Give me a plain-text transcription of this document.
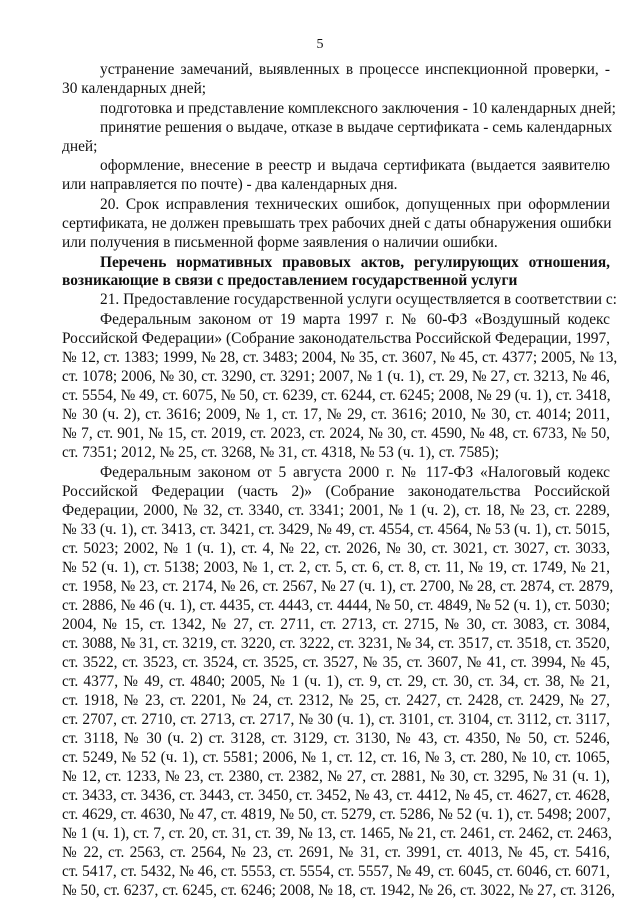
5
устранение замечаний, выявленных в процессе инспекционной проверки, -
30 календарных дней;
подготовка и представление комплексного заключения - 10 календарных дней;
принятие решения о выдаче, отказе в выдаче сертификата - семь календарных
дней;
оформление, внесение в реестр и выдача сертификата (выдается заявителю
или направляется по почте) - два календарных дня.
20. Срок исправления технических ошибок, допущенных при оформлении
сертификата, не должен превышать трех рабочих дней с даты обнаружения ошибки
или получения в письменной форме заявления о наличии ошибки.
Перечень нормативных правовых актов, регулирующих отношения,
возникающие в связи с предоставлением государственной услуги
21. Предоставление государственной услуги осуществляется в соответствии с:
Федеральным законом от 19 марта 1997 г. № 60-ФЗ «Воздушный кодекс
Российской Федерации» (Собрание законодательства Российской Федерации, 1997,
№ 12, ст. 1383; 1999, № 28, ст. 3483; 2004, № 35, ст. 3607, № 45, ст. 4377; 2005, № 13,
ст. 1078; 2006, № 30, ст. 3290, ст. 3291; 2007, № 1 (ч. 1), ст. 29, № 27, ст. 3213, № 46,
ст. 5554, № 49, ст. 6075, № 50, ст. 6239, ст. 6244, ст. 6245; 2008, № 29 (ч. 1), ст. 3418,
№ 30 (ч. 2), ст. 3616; 2009, № 1, ст. 17, № 29, ст. 3616; 2010, № 30, ст. 4014; 2011,
№ 7, ст. 901, № 15, ст. 2019, ст. 2023, ст. 2024, № 30, ст. 4590, № 48, ст. 6733, № 50,
ст. 7351; 2012, № 25, ст. 3268, № 31, ст. 4318, № 53 (ч. 1), ст. 7585);
Федеральным законом от 5 августа 2000 г. № 117-ФЗ «Налоговый кодекс
Российской Федерации (часть 2)» (Собрание законодательства Российской
Федерации, 2000, № 32, ст. 3340, ст. 3341; 2001, № 1 (ч. 2), ст. 18, № 23, ст. 2289,
№ 33 (ч. 1), ст. 3413, ст. 3421, ст. 3429, № 49, ст. 4554, ст. 4564, № 53 (ч. 1), ст. 5015,
ст. 5023; 2002, № 1 (ч. 1), ст. 4, № 22, ст. 2026, № 30, ст. 3021, ст. 3027, ст. 3033,
№ 52 (ч. 1), ст. 5138; 2003, № 1, ст. 2, ст. 5, ст. 6, ст. 8, ст. 11, № 19, ст. 1749, № 21,
ст. 1958, № 23, ст. 2174, № 26, ст. 2567, № 27 (ч. 1), ст. 2700, № 28, ст. 2874, ст. 2879,
ст. 2886, № 46 (ч. 1), ст. 4435, ст. 4443, ст. 4444, № 50, ст. 4849, № 52 (ч. 1), ст. 5030;
2004, № 15, ст. 1342, № 27, ст. 2711, ст. 2713, ст. 2715, № 30, ст. 3083, ст. 3084,
ст. 3088, № 31, ст. 3219, ст. 3220, ст. 3222, ст. 3231, № 34, ст. 3517, ст. 3518, ст. 3520,
ст. 3522, ст. 3523, ст. 3524, ст. 3525, ст. 3527, № 35, ст. 3607, № 41, ст. 3994, № 45,
ст. 4377, № 49, ст. 4840; 2005, № 1 (ч. 1), ст. 9, ст. 29, ст. 30, ст. 34, ст. 38, № 21,
ст. 1918, № 23, ст. 2201, № 24, ст. 2312, № 25, ст. 2427, ст. 2428, ст. 2429, № 27,
ст. 2707, ст. 2710, ст. 2713, ст. 2717, № 30 (ч. 1), ст. 3101, ст. 3104, ст. 3112, ст. 3117,
ст. 3118, № 30 (ч. 2) ст. 3128, ст. 3129, ст. 3130, № 43, ст. 4350, № 50, ст. 5246,
ст. 5249, № 52 (ч. 1), ст. 5581; 2006, № 1, ст. 12, ст. 16, № 3, ст. 280, № 10, ст. 1065,
№ 12, ст. 1233, № 23, ст. 2380, ст. 2382, № 27, ст. 2881, № 30, ст. 3295, № 31 (ч. 1),
ст. 3433, ст. 3436, ст. 3443, ст. 3450, ст. 3452, № 43, ст. 4412, № 45, ст. 4627, ст. 4628,
ст. 4629, ст. 4630, № 47, ст. 4819, № 50, ст. 5279, ст. 5286, № 52 (ч. 1), ст. 5498; 2007,
№ 1 (ч. 1), ст. 7, ст. 20, ст. 31, ст. 39, № 13, ст. 1465, № 21, ст. 2461, ст. 2462, ст. 2463,
№ 22, ст. 2563, ст. 2564, № 23, ст. 2691, № 31, ст. 3991, ст. 4013, № 45, ст. 5416,
ст. 5417, ст. 5432, № 46, ст. 5553, ст. 5554, ст. 5557, № 49, ст. 6045, ст. 6046, ст. 6071,
№ 50, ст. 6237, ст. 6245, ст. 6246; 2008, № 18, ст. 1942, № 26, ст. 3022, № 27, ст. 3126,
